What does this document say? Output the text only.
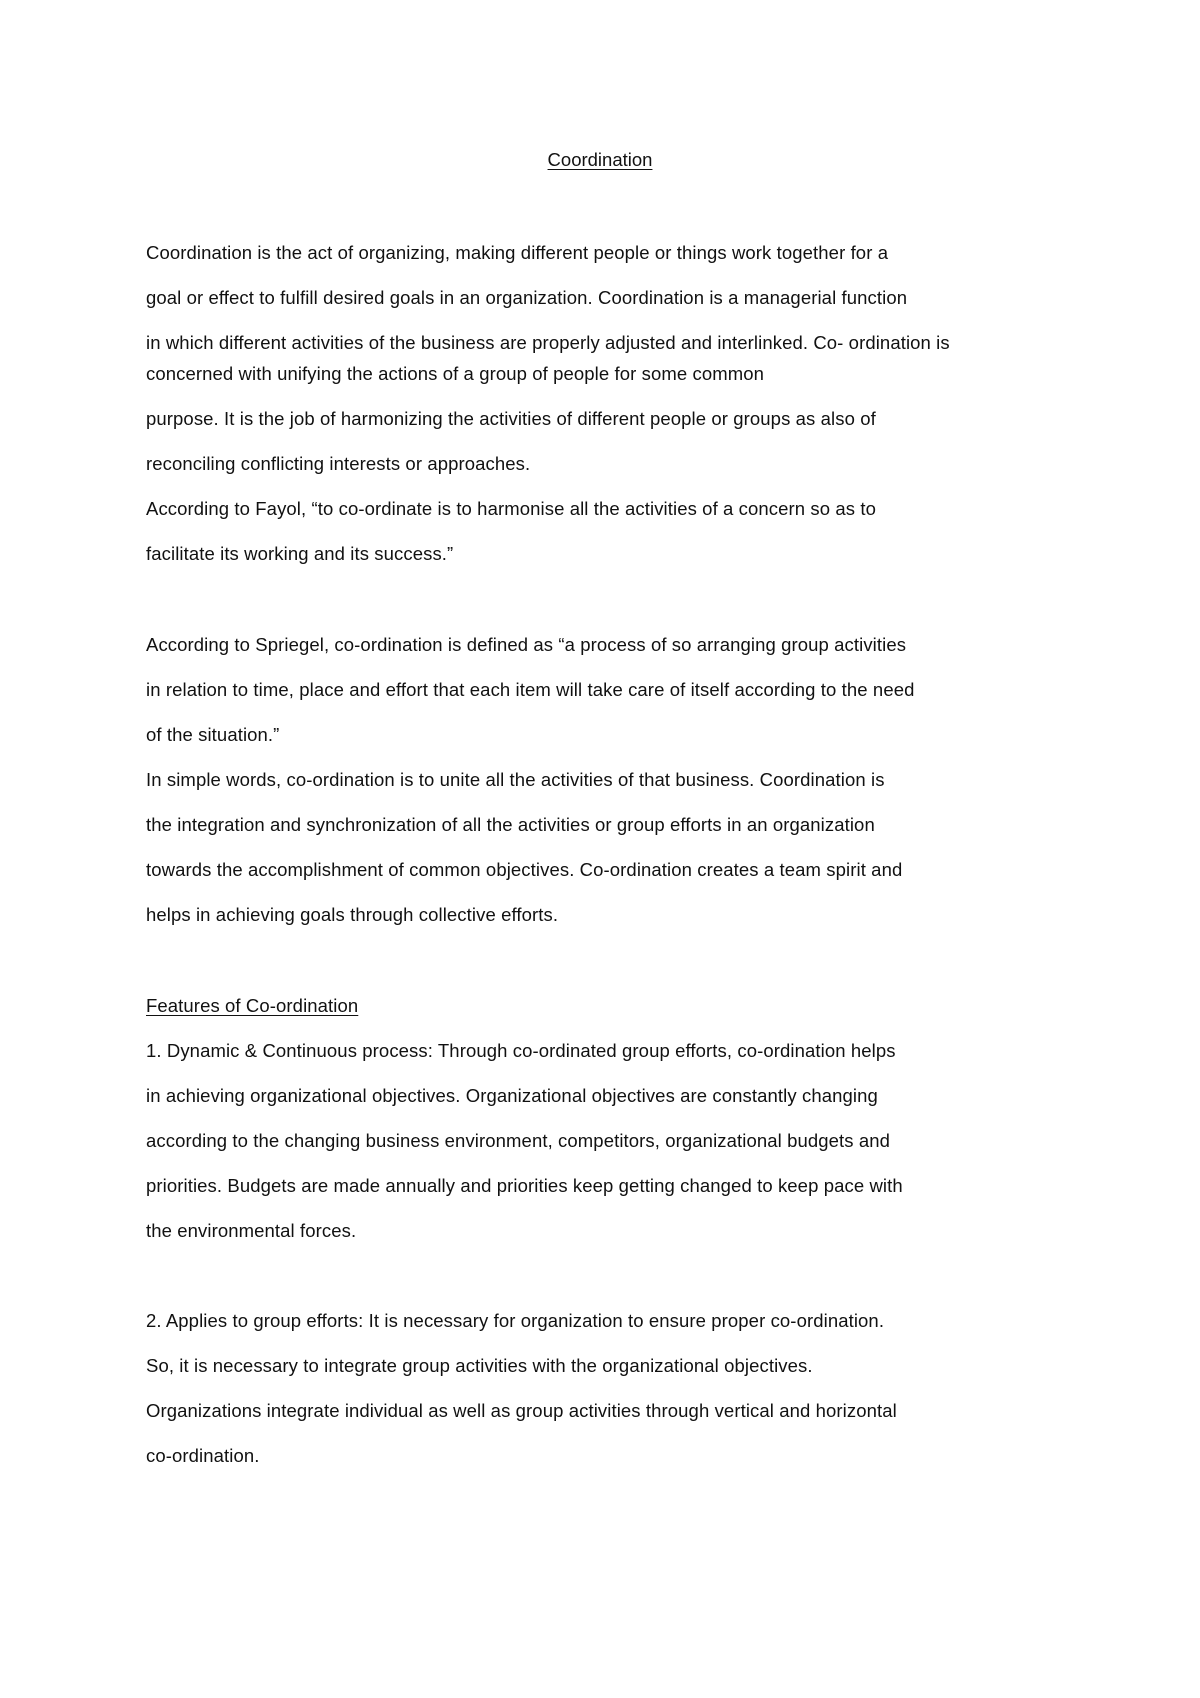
Coordination
Coordination is the act of organizing, making different people or things work together for a
goal or effect to fulfill desired goals in an organization. Coordination is a managerial function
in which different activities of the business are properly adjusted and interlinked. Co- ordination is
concerned with unifying the actions of a group of people for some common
purpose. It is the job of harmonizing the activities of different people or groups as also of
reconciling conflicting interests or approaches.
According to Fayol, “to co-ordinate is to harmonise all the activities of a concern so as to
facilitate its working and its success.”
According to Spriegel, co-ordination is defined as “a process of so arranging group activities
in relation to time, place and effort that each item will take care of itself according to the need
of the situation.”
In simple words, co-ordination is to unite all the activities of that business. Coordination is
the integration and synchronization of all the activities or group efforts in an organization
towards the accomplishment of common objectives. Co-ordination creates a team spirit and
helps in achieving goals through collective efforts.
Features of Co-ordination
1. Dynamic & Continuous process: Through co-ordinated group efforts, co-ordination helps
in achieving organizational objectives. Organizational objectives are constantly changing
according to the changing business environment, competitors, organizational budgets and
priorities. Budgets are made annually and priorities keep getting changed to keep pace with
the environmental forces.
2. Applies to group efforts: It is necessary for organization to ensure proper co-ordination.
So, it is necessary to integrate group activities with the organizational objectives.
Organizations integrate individual as well as group activities through vertical and horizontal
co-ordination.
